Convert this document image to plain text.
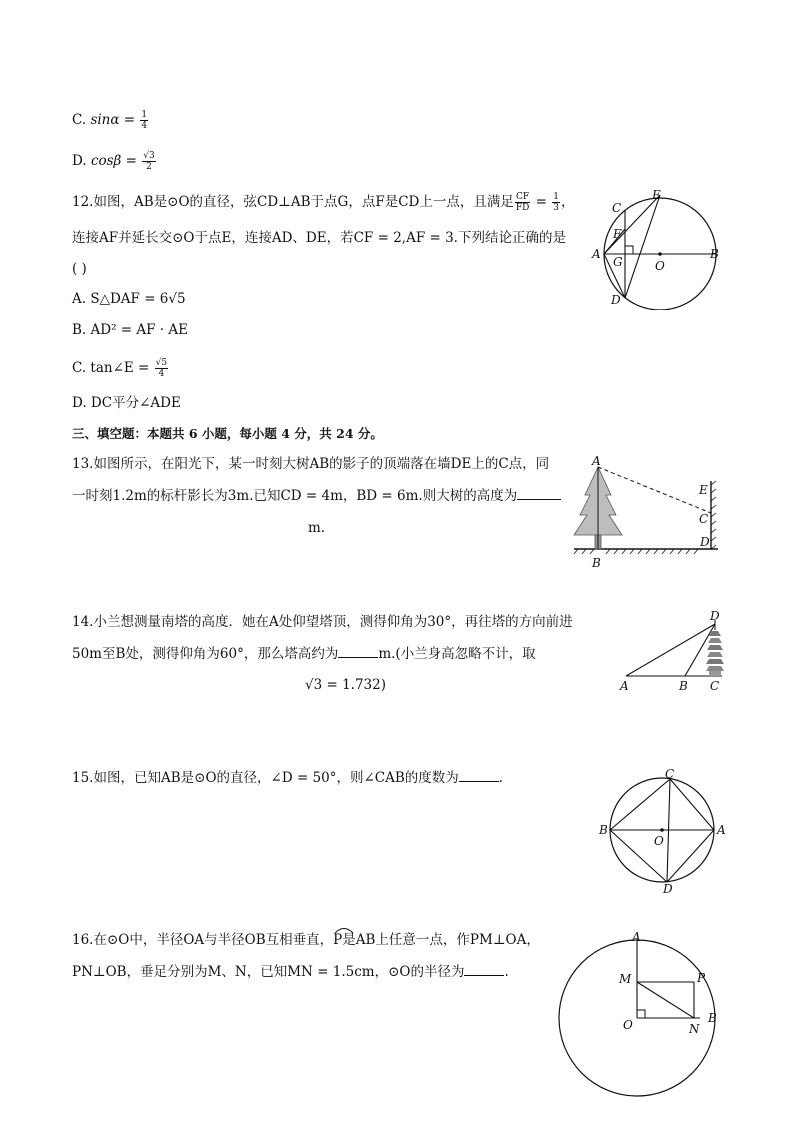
C. $\sin\alpha = \frac{1}{4}$
D. $\cos\beta = \frac{√3}{2}$
12.如图，AB是⊙O的直径，弦CD⊥AB于点G，点F是CD上一点，且满足 $\frac{CF}{FD} = \frac{1}{3}$ ，
连接AF并延长交⊙O于点E，连接AD、DE，若CF = 2,AF = 3.下列结论正确的是
( )
A. S△DAF = 6√5
B. AD² = AF · AE
C. tan∠E = $\frac{√5}{4}$
D. DC平分∠ADE
A	B
C
D
E
F
G	O
三、填空题：本题共 6 小题，每小题 4 分，共 24 分。
13.如图所示，在阳光下，某一时刻大树AB的影子的顶端落在墙DE上的C点，同
一时刻1.2m的标杆影长为3m.已知CD = 4m，BD = 6m.则大树的高度为
m.
A
B
C
D
E
14.小兰想测量南塔的高度．她在A处仰望塔顶，测得仰角为30°，再往塔的方向前进
50m至B处，测得仰角为60°，那么塔高约为	m.(小兰身高忽略不计，取
√3 = 1.732)	A	B C
D
15.如图，已知AB是⊙O的直径，∠D = 50°，则∠CAB的度数为	.
B	A
C
D
O
16.在⊙O中，半径OA与半径OB互相垂直，P是AB上任意一点，作PM⊥OA，
PN⊥OB，垂足分别为M、N，已知MN = 1.5cm，⊙O的半径为	.
A
B
M
N
O
P
